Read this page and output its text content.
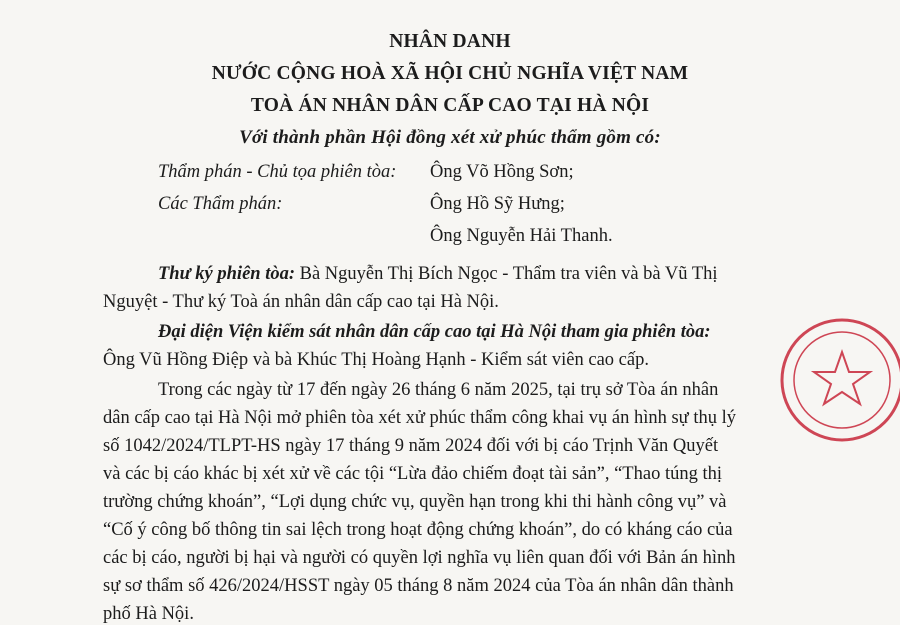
NHÂN DANH
NƯỚC CỘNG HOÀ XÃ HỘI CHỦ NGHĨA VIỆT NAM
TOÀ ÁN NHÂN DÂN CẤP CAO TẠI HÀ NỘI
Với thành phần Hội đồng xét xử phúc thẩm gồm có:
Thẩm phán - Chủ tọa phiên tòa: Ông Võ Hồng Sơn;
Các Thẩm phán:	Ông Hồ Sỹ Hưng;
Ông Nguyễn Hải Thanh.
Thư ký phiên tòa: Bà Nguyễn Thị Bích Ngọc - Thẩm tra viên và bà Vũ Thị
Nguyệt - Thư ký Toà án nhân dân cấp cao tại Hà Nội.
Đại diện Viện kiểm sát nhân dân cấp cao tại Hà Nội tham gia phiên tòa:
Ông Vũ Hồng Điệp và bà Khúc Thị Hoàng Hạnh - Kiểm sát viên cao cấp.
Trong các ngày từ 17 đến ngày 26 tháng 6 năm 2025, tại trụ sở Tòa án nhân
dân cấp cao tại Hà Nội mở phiên tòa xét xử phúc thẩm công khai vụ án hình sự thụ lý
số 1042/2024/TLPT-HS ngày 17 tháng 9 năm 2024 đối với bị cáo Trịnh Văn Quyết
và các bị cáo khác bị xét xử về các tội “Lừa đảo chiếm đoạt tài sản”, “Thao túng thị
trường chứng khoán”, “Lợi dụng chức vụ, quyền hạn trong khi thi hành công vụ” và
“Cố ý công bố thông tin sai lệch trong hoạt động chứng khoán”, do có kháng cáo của
các bị cáo, người bị hại và người có quyền lợi nghĩa vụ liên quan đối với Bản án hình
sự sơ thẩm số 426/2024/HSST ngày 05 tháng 8 năm 2024 của Tòa án nhân dân thành
phố Hà Nội.
